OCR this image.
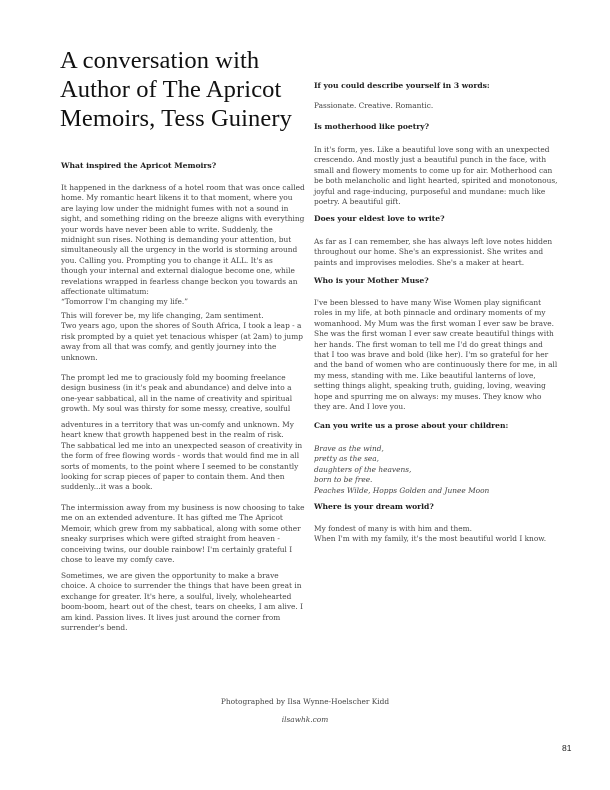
A conversation with
Author of The Apricot
Memoirs, Tess Guinery

What inspired the Apricot Memoirs?

It happened in the darkness of a hotel room that was once called
home. My romantic heart likens it to that moment, where you
are laying low under the midnight fumes with not a sound in
sight, and something riding on the breeze aligns with everything
your words have never been able to write. Suddenly, the
midnight sun rises. Nothing is demanding your attention, but
simultaneously all the urgency in the world is storming around
you. Calling you. Prompting you to change it ALL. It's as
though your internal and external dialogue become one, while
revelations wrapped in fearless change beckon you towards an
affectionate ultimatum:
“Tomorrow I'm changing my life.”
This will forever be, my life changing, 2am sentiment.
Two years ago, upon the shores of South Africa, I took a leap - a
risk prompted by a quiet yet tenacious whisper (at 2am) to jump
away from all that was comfy, and gently journey into the
unknown.
The prompt led me to graciously fold my booming freelance
design business (in it's peak and abundance) and delve into a
one-year sabbatical, all in the name of creativity and spiritual
growth. My soul was thirsty for some messy, creative, soulful
adventures in a territory that was un-comfy and unknown. My
heart knew that growth happened best in the realm of risk.
The sabbatical led me into an unexpected season of creativity in
the form of free flowing words - words that would find me in all
sorts of moments, to the point where I seemed to be constantly
looking for scrap pieces of paper to contain them. And then
suddenly...it was a book.
The intermission away from my business is now choosing to take
me on an extended adventure. It has gifted me The Apricot
Memoir, which grew from my sabbatical, along with some other
sneaky surprises which were gifted straight from heaven -
conceiving twins, our double rainbow! I'm certainly grateful I
chose to leave my comfy cave.
Sometimes, we are given the opportunity to make a brave
choice. A choice to surrender the things that have been great in
exchange for greater. It's here, a soulful, lively, wholehearted
boom-boom, heart out of the chest, tears on cheeks, I am alive. I
am kind. Passion lives. It lives just around the corner from
surrender's bend.

If you could describe yourself in 3 words:

Passionate. Creative. Romantic.

Is motherhood like poetry?

In it's form, yes. Like a beautiful love song with an unexpected
crescendo. And mostly just a beautiful punch in the face, with
small and flowery moments to come up for air. Motherhood can
be both melancholic and light hearted, spirited and monotonous,
joyful and rage-inducing, purposeful and mundane: much like
poetry. A beautiful gift.

Does your eldest love to write?

As far as I can remember, she has always left love notes hidden
throughout our home. She's an expressionist. She writes and
paints and improvises melodies. She's a maker at heart.

Who is your Mother Muse?

I've been blessed to have many Wise Women play significant
roles in my life, at both pinnacle and ordinary moments of my
womanhood. My Mum was the first woman I ever saw be brave.
She was the first woman I ever saw create beautiful things with
her hands. The first woman to tell me I'd do great things and
that I too was brave and bold (like her). I'm so grateful for her
and the band of women who are continuously there for me, in all
my mess, standing with me. Like beautiful lanterns of love,
setting things alight, speaking truth, guiding, loving, weaving
hope and spurring me on always: my muses. They know who
they are. And I love you.

Can you write us a prose about your children:

Brave as the wind,
pretty as the sea,
daughters of the heavens,
born to be free.
Peaches Wilde, Hopps Golden and Junee Moon

Where is your dream world?

My fondest of many is with him and them.
When I'm with my family, it's the most beautiful world I know.
Photographed by Ilsa Wynne-Hoelscher Kidd
ilsawhk.com
81
